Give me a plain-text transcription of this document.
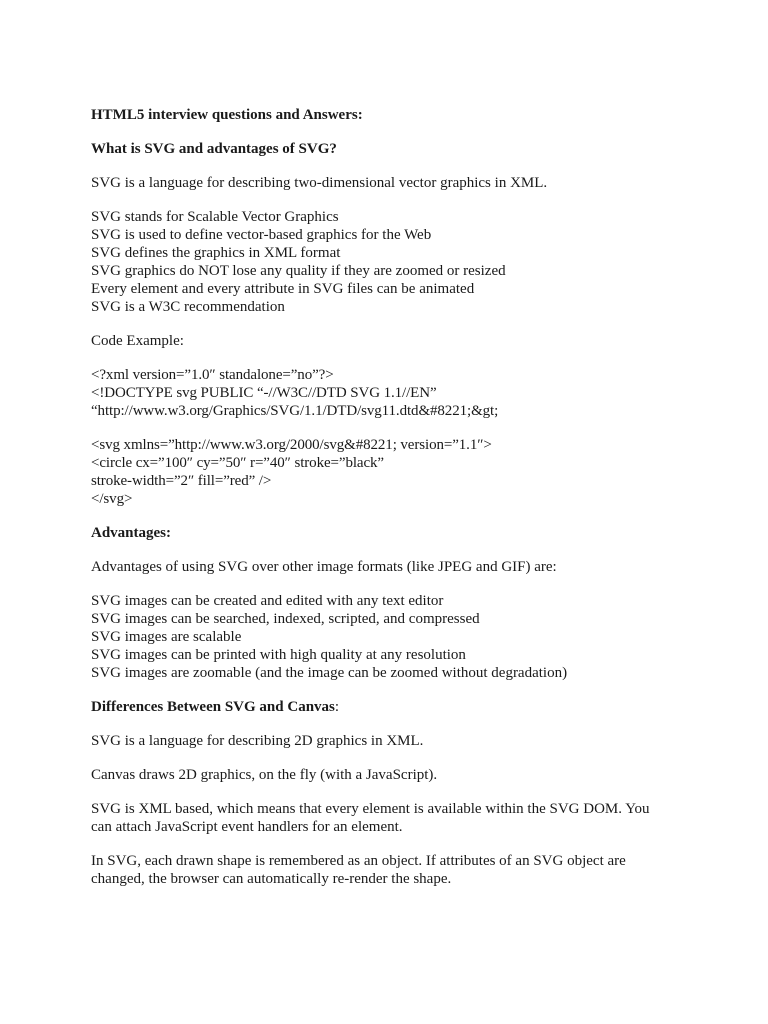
HTML5 interview questions and Answers:

What is SVG and advantages of SVG?

SVG is a language for describing two-dimensional vector graphics in XML.

SVG stands for Scalable Vector Graphics
SVG is used to define vector-based graphics for the Web
SVG defines the graphics in XML format
SVG graphics do NOT lose any quality if they are zoomed or resized
Every element and every attribute in SVG files can be animated
SVG is a W3C recommendation

Code Example:

<?xml version=”1.0″ standalone=”no”?>
<!DOCTYPE svg PUBLIC “-//W3C//DTD SVG 1.1//EN”
“http://www.w3.org/Graphics/SVG/1.1/DTD/svg11.dtd&#8221;&gt;
<svg xmlns=”http://www.w3.org/2000/svg&#8221; version=”1.1″>
<circle cx=”100″ cy=”50″ r=”40″ stroke=”black”
stroke-width=”2″ fill=”red” />
</svg>

Advantages:

Advantages of using SVG over other image formats (like JPEG and GIF) are:

SVG images can be created and edited with any text editor
SVG images can be searched, indexed, scripted, and compressed
SVG images are scalable
SVG images can be printed with high quality at any resolution
SVG images are zoomable (and the image can be zoomed without degradation)

Differences Between SVG and Canvas:

SVG is a language for describing 2D graphics in XML.

Canvas draws 2D graphics, on the fly (with a JavaScript).

SVG is XML based, which means that every element is available within the SVG DOM. You
can attach JavaScript event handlers for an element.
In SVG, each drawn shape is remembered as an object. If attributes of an SVG object are
changed, the browser can automatically re-render the shape.
